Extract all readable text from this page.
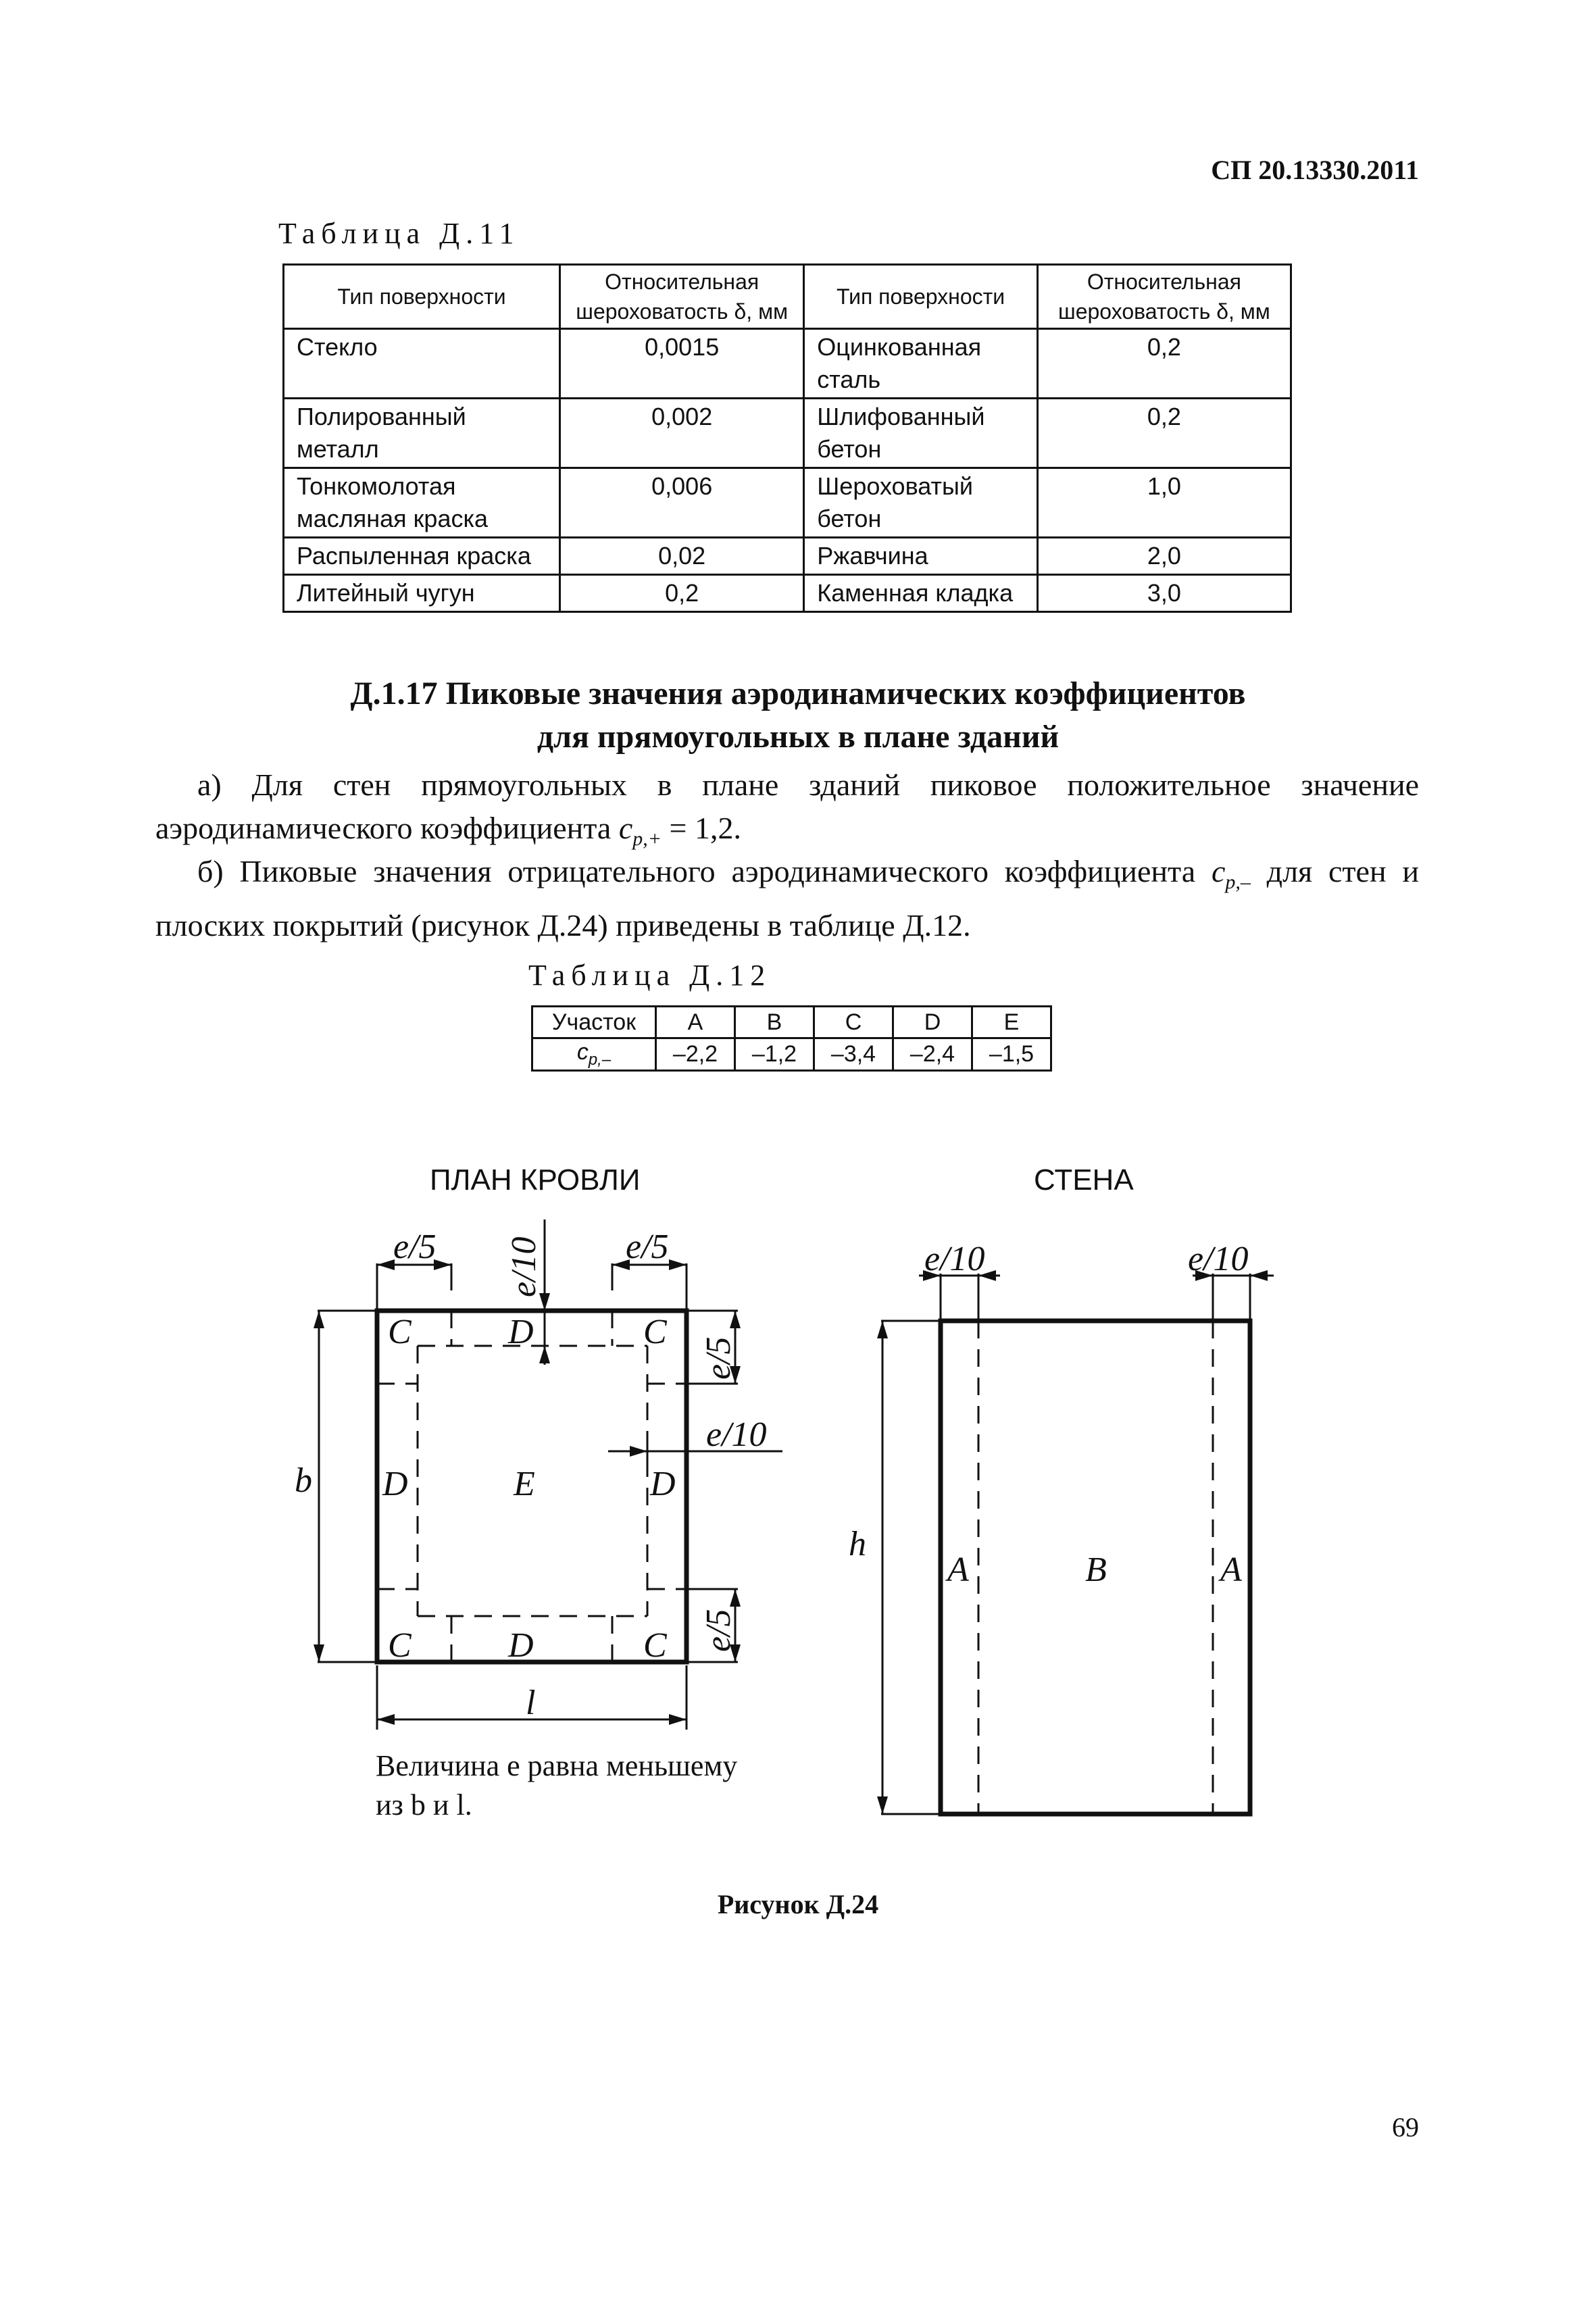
СП 20.13330.2011
Таблица Д.11
Тип поверхности	Относительная шероховатость δ, мм	Тип поверхности	Относительная шероховатость δ, мм
Стекло	0,0015	Оцинкованная сталь	0,2
Полированный металл	0,002	Шлифованный бетон	0,2
Тонкомолотая масляная краска	0,006	Шероховатый бетон	1,0
Распыленная краска	0,02	Ржавчина	2,0
Литейный чугун	0,2	Каменная кладка	3,0
Д.1.17 Пиковые значения аэродинамических коэффициентов
для прямоугольных в плане зданий
а) Для стен прямоугольных в плане зданий пиковое положительное значение аэродинамического коэффициента $c_{p,+} = 1,2$.
б) Пиковые значения отрицательного аэродинамического коэффициента $c_{p,-}$ для стен и плоских покрытий (рисунок Д.24) приведены в таблице Д.12.
Таблица Д.12
Участок	A	B	C	D	E
$c_{p,-}$	–2,2	–1,2	–3,4	–2,4	–1,5
ПЛАН КРОВЛИ	СТЕНА
e/5	e/5
e/10
e/5
e/5
e/10
b
l
C	D	C
D	E	D
C	D	C
e/10	e/10
h
A	B	A
Величина e равна меньшему
из b и l.
Рисунок Д.24
69
